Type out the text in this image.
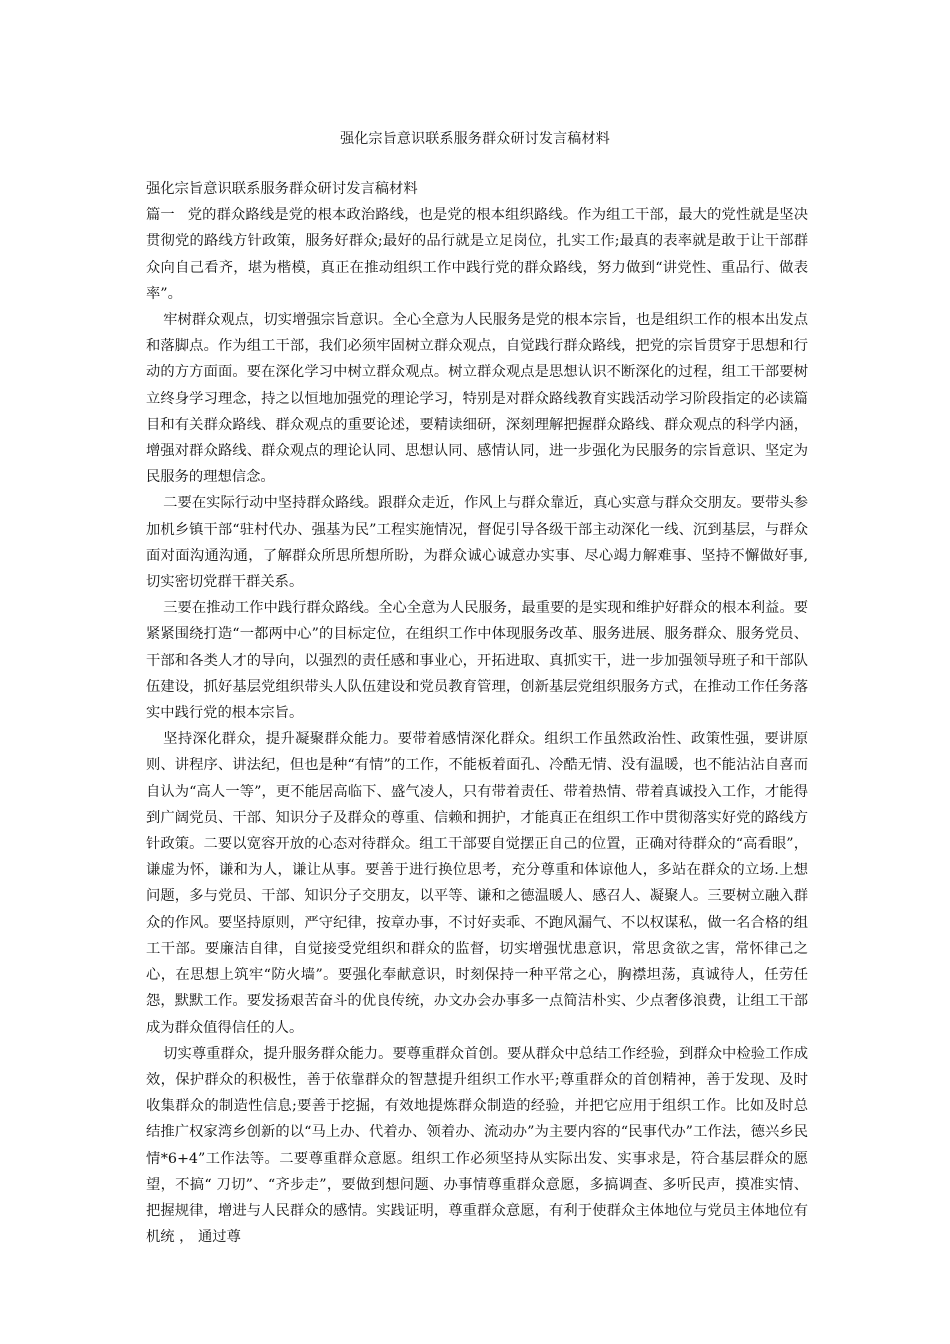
强化宗旨意识联系服务群众研讨发言稿材料

强化宗旨意识联系服务群众研讨发言稿材料

篇一 党的群众路线是党的根本政治路线，也是党的根本组织路线。作为组工干部，最大的党性就是坚决贯彻党的路线方针政策，服务好群众;最好的品行就是立足岗位，扎实工作;最真的表率就是敢于让干部群众向自己看齐，堪为楷模，真正在推动组织工作中践行党的群众路线，努力做到“讲党性、重品行、做表率”。

牢树群众观点，切实增强宗旨意识。全心全意为人民服务是党的根本宗旨，也是组织工作的根本出发点和落脚点。作为组工干部，我们必须牢固树立群众观点，自觉践行群众路线，把党的宗旨贯穿于思想和行动的方方面面。要在深化学习中树立群众观点。树立群众观点是思想认识不断深化的过程，组工干部要树立终身学习理念，持之以恒地加强党的理论学习，特别是对群众路线教育实践活动学习阶段指定的必读篇目和有关群众路线、群众观点的重要论述，要精读细研，深刻理解把握群众路线、群众观点的科学内涵，增强对群众路线、群众观点的理论认同、思想认同、感情认同，进一步强化为民服务的宗旨意识、坚定为民服务的理想信念。

二要在实际行动中坚持群众路线。跟群众走近，作风上与群众靠近，真心实意与群众交朋友。要带头参加机乡镇干部“驻村代办、强基为民”工程实施情况，督促引导各级干部主动深化一线、沉到基层，与群众面对面沟通沟通，了解群众所思所想所盼，为群众诚心诚意办实事、尽心竭力解难事、坚持不懈做好事,切实密切党群干群关系。

三要在推动工作中践行群众路线。全心全意为人民服务，最重要的是实现和维护好群众的根本利益。要紧紧围绕打造“一都两中心”的目标定位，在组织工作中体现服务改革、服务进展、服务群众、服务党员、干部和各类人才的导向，以强烈的责任感和事业心，开拓进取、真抓实干，进一步加强领导班子和干部队伍建设，抓好基层党组织带头人队伍建设和党员教育管理，创新基层党组织服务方式，在推动工作任务落实中践行党的根本宗旨。

坚持深化群众，提升凝聚群众能力。要带着感情深化群众。组织工作虽然政治性、政策性强，要讲原则、讲程序、讲法纪，但也是种“有情”的工作，不能板着面孔、冷酷无情、没有温暖，也不能沾沾自喜而自认为“高人一等”，更不能居高临下、盛气凌人，只有带着责任、带着热情、带着真诚投入工作，才能得到广阔党员、干部、知识分子及群众的尊重、信赖和拥护，才能真正在组织工作中贯彻落实好党的路线方针政策。二要以宽容开放的心态对待群众。组工干部要自觉摆正自己的位置，正确对待群众的“高看眼”，谦虚为怀，谦和为人，谦让从事。要善于进行换位思考，充分尊重和体谅他人，多站在群众的立场.上想问题，多与党员、干部、知识分子交朋友，以平等、谦和之德温暖人、感召人、凝聚人。三要树立融入群众的作风。要坚持原则，严守纪律，按章办事，不讨好卖乖、不跑风漏气、不以权谋私，做一名合格的组工干部。要廉洁自律，自觉接受党组织和群众的监督，切实增强忧患意识，常思贪欲之害，常怀律己之心，在思想上筑牢“防火墙”。要强化奉献意识，时刻保持一种平常之心，胸襟坦荡，真诚待人，任劳任怨，默默工作。要发扬艰苦奋斗的优良传统，办文办会办事多一点简洁朴实、少点奢侈浪费，让组工干部成为群众值得信任的人。

切实尊重群众，提升服务群众能力。要尊重群众首创。要从群众中总结工作经验，到群众中检验工作成效，保护群众的积极性，善于依靠群众的智慧提升组织工作水平;尊重群众的首创精神，善于发现、及时收集群众的制造性信息;要善于挖掘，有效地提炼群众制造的经验，并把它应用于组织工作。比如及时总结推广权家湾乡创新的以“马上办、代着办、领着办、流动办”为主要内容的“民事代办”工作法，德兴乡民情*6+4”工作法等。二要尊重群众意愿。组织工作必须坚持从实际出发、实事求是，符合基层群众的愿望，不搞“ 刀切”、“齐步走”，要做到想问题、办事情尊重群众意愿，多搞调查、多听民声，摸准实情、把握规律，增进与人民群众的感情。实践证明，尊重群众意愿，有利于使群众主体地位与党员主体地位有机统 ， 通过尊
